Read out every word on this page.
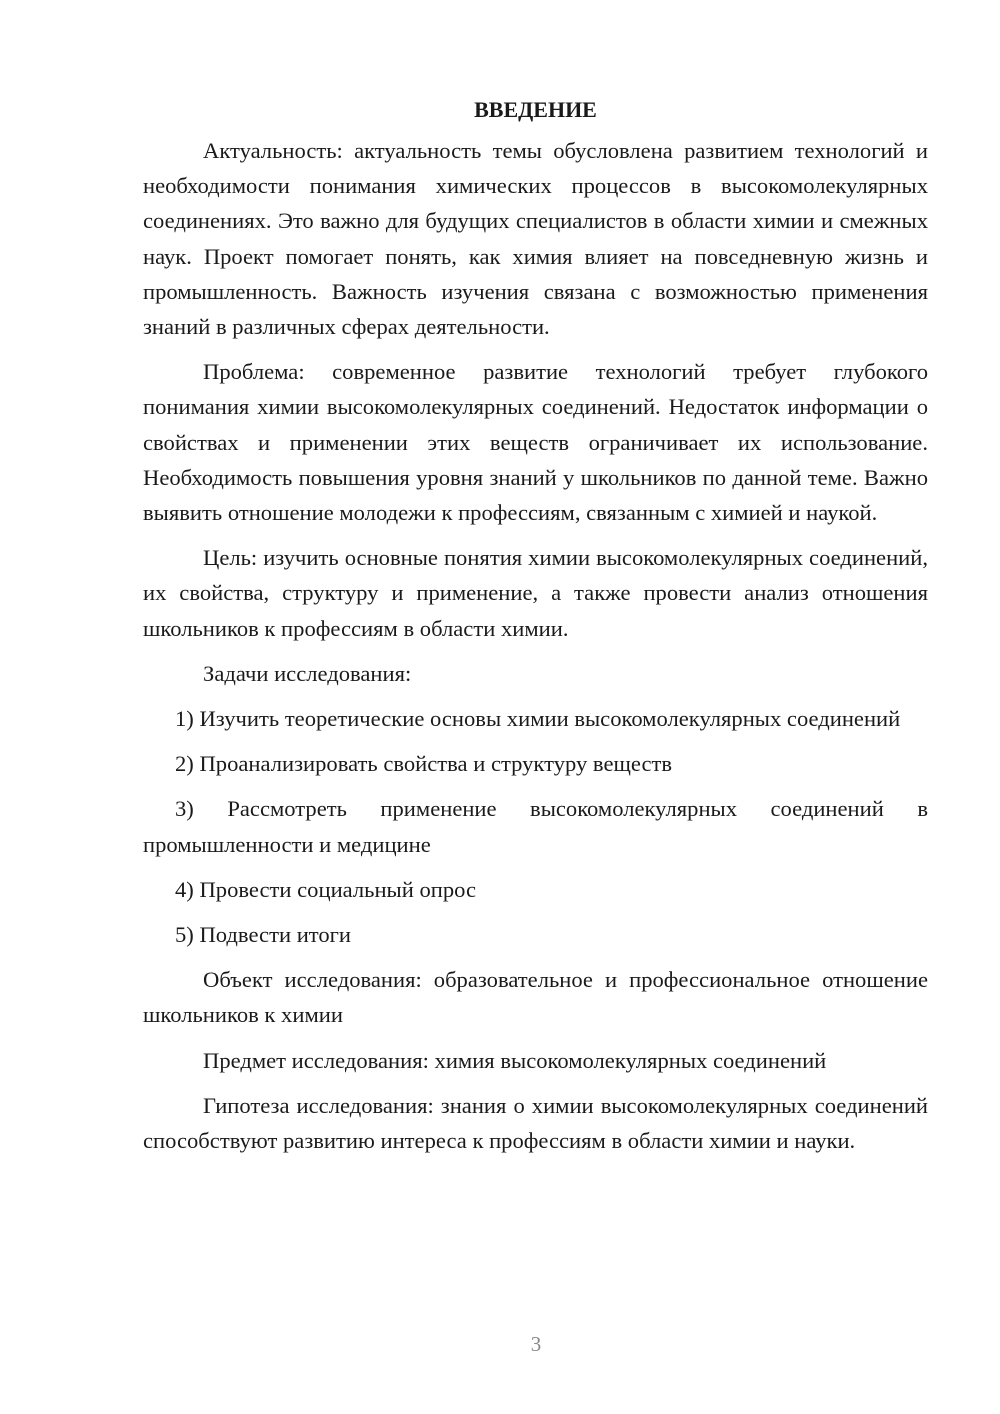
ВВЕДЕНИЕ

Актуальность: актуальность темы обусловлена развитием технологий и необходимости понимания химических процессов в высокомолекулярных соединениях. Это важно для будущих специалистов в области химии и смежных наук. Проект помогает понять, как химия влияет на повседневную жизнь и промышленность. Важность изучения связана с возможностью применения знаний в различных сферах деятельности.

Проблема: современное развитие технологий требует глубокого понимания химии высокомолекулярных соединений. Недостаток информации о свойствах и применении этих веществ ограничивает их использование. Необходимость повышения уровня знаний у школьников по данной теме. Важно выявить отношение молодежи к профессиям, связанным с химией и наукой.

Цель: изучить основные понятия химии высокомолекулярных соединений, их свойства, структуру и применение, а также провести анализ отношения школьников к профессиям в области химии.

Задачи исследования:

1) Изучить теоретические основы химии высокомолекулярных соединений

2) Проанализировать свойства и структуру веществ

3) Рассмотреть применение высокомолекулярных соединений в промышленности и медицине

4) Провести социальный опрос

5) Подвести итоги

Объект исследования: образовательное и профессиональное отношение школьников к химии

Предмет исследования: химия высокомолекулярных соединений

Гипотеза исследования: знания о химии высокомолекулярных соединений способствуют развитию интереса к профессиям в области химии и науки.

3
